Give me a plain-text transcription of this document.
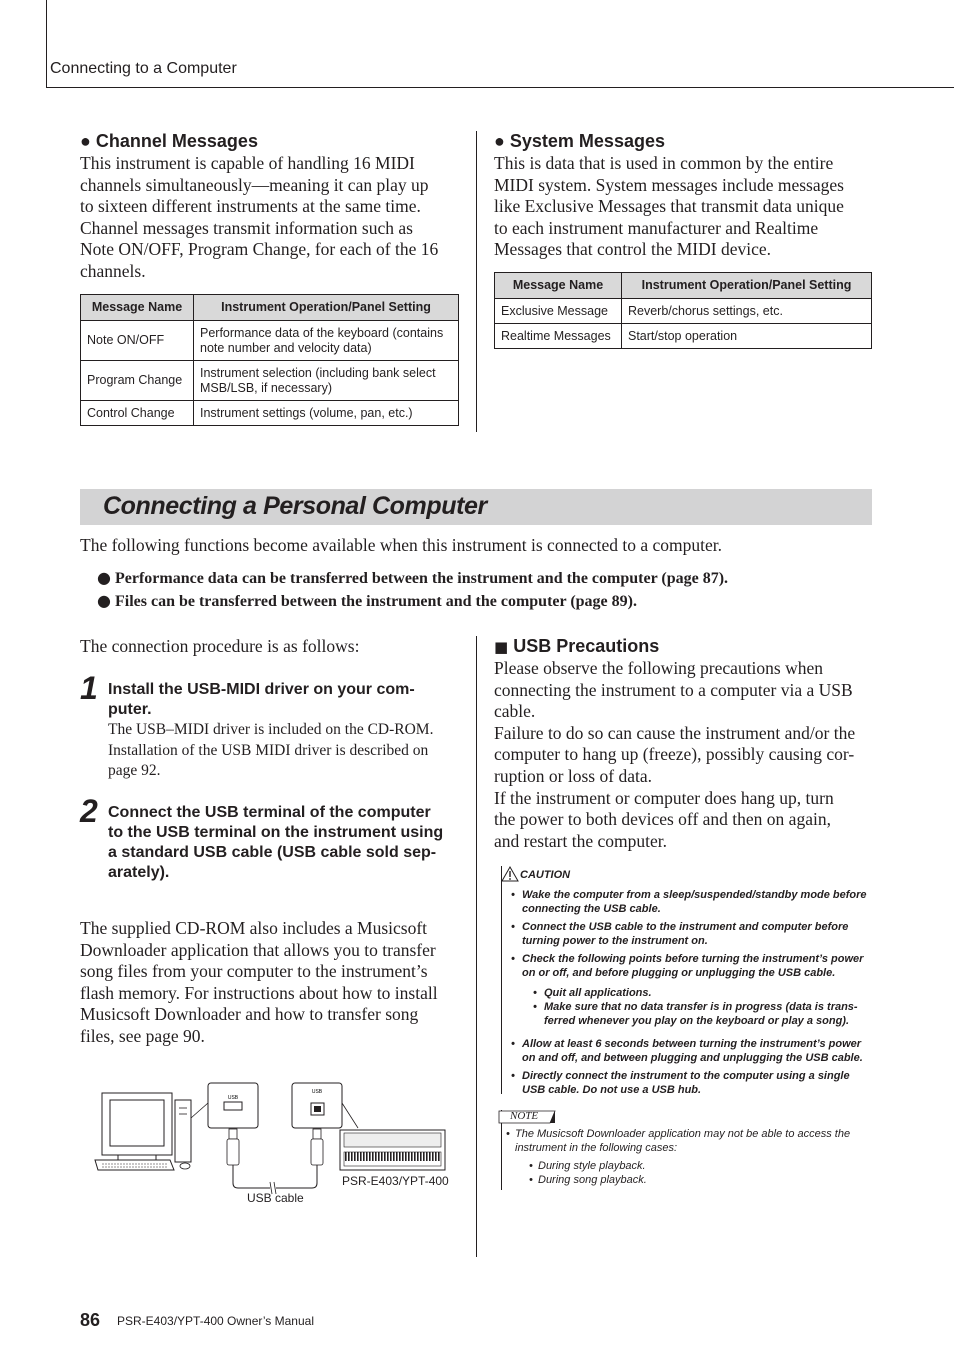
Connecting to a Computer
● Channel Messages
This instrument is capable of handling 16 MIDI
channels simultaneously—meaning it can play up
to sixteen different instruments at the same time.
Channel messages transmit information such as
Note ON/OFF, Program Change, for each of the 16
channels.
Message Name	Instrument Operation/Panel Setting
Note ON/OFF	Performance data of the keyboard (contains note number and velocity data)
Program Change	Instrument selection (including bank select MSB/LSB, if necessary)
Control Change	Instrument settings (volume, pan, etc.)
● System Messages
This is data that is used in common by the entire
MIDI system. System messages include messages
like Exclusive Messages that transmit data unique
to each instrument manufacturer and Realtime
Messages that control the MIDI device.
Message Name	Instrument Operation/Panel Setting
Exclusive Message	Reverb/chorus settings, etc.
Realtime Messages	Start/stop operation
Connecting a Personal Computer
The following functions become available when this instrument is connected to a computer.
● Performance data can be transferred between the instrument and the computer (page 87).
● Files can be transferred between the instrument and the computer (page 89).
The connection procedure is as follows:
1 Install the USB-MIDI driver on your com-
puter.
The USB–MIDI driver is included on the CD-ROM.
Installation of the USB MIDI driver is described on
page 92.
2 Connect the USB terminal of the computer
to the USB terminal on the instrument using
a standard USB cable (USB cable sold sep-
arately).
The supplied CD-ROM also includes a Musicsoft
Downloader application that allows you to transfer
song files from your computer to the instrument’s
flash memory. For instructions about how to install
Musicsoft Downloader and how to transfer song
files, see page 90.
USB
USB
USB cable
PSR-E403/YPT-400
■ USB Precautions
Please observe the following precautions when
connecting the instrument to a computer via a USB
cable.
Failure to do so can cause the instrument and/or the
computer to hang up (freeze), possibly causing cor-
ruption or loss of data.
If the instrument or computer does hang up, turn
the power to both devices off and then on again,
and restart the computer.
CAUTION
• Wake the computer from a sleep/suspended/standby mode before
connecting the USB cable.
• Connect the USB cable to the instrument and computer before
turning power to the instrument on.
• Check the following points before turning the instrument’s power
on or off, and before plugging or unplugging the USB cable.
• Quit all applications.
• Make sure that no data transfer is in progress (data is trans-
ferred whenever you play on the keyboard or play a song).
• Allow at least 6 seconds between turning the instrument’s power
on and off, and between plugging and unplugging the USB cable.
• Directly connect the instrument to the computer using a single
USB cable. Do not use a USB hub.
NOTE
• The Musicsoft Downloader application may not be able to access the
instrument in the following cases:
• During style playback.
• During song playback.
86 PSR-E403/YPT-400 Owner’s Manual
